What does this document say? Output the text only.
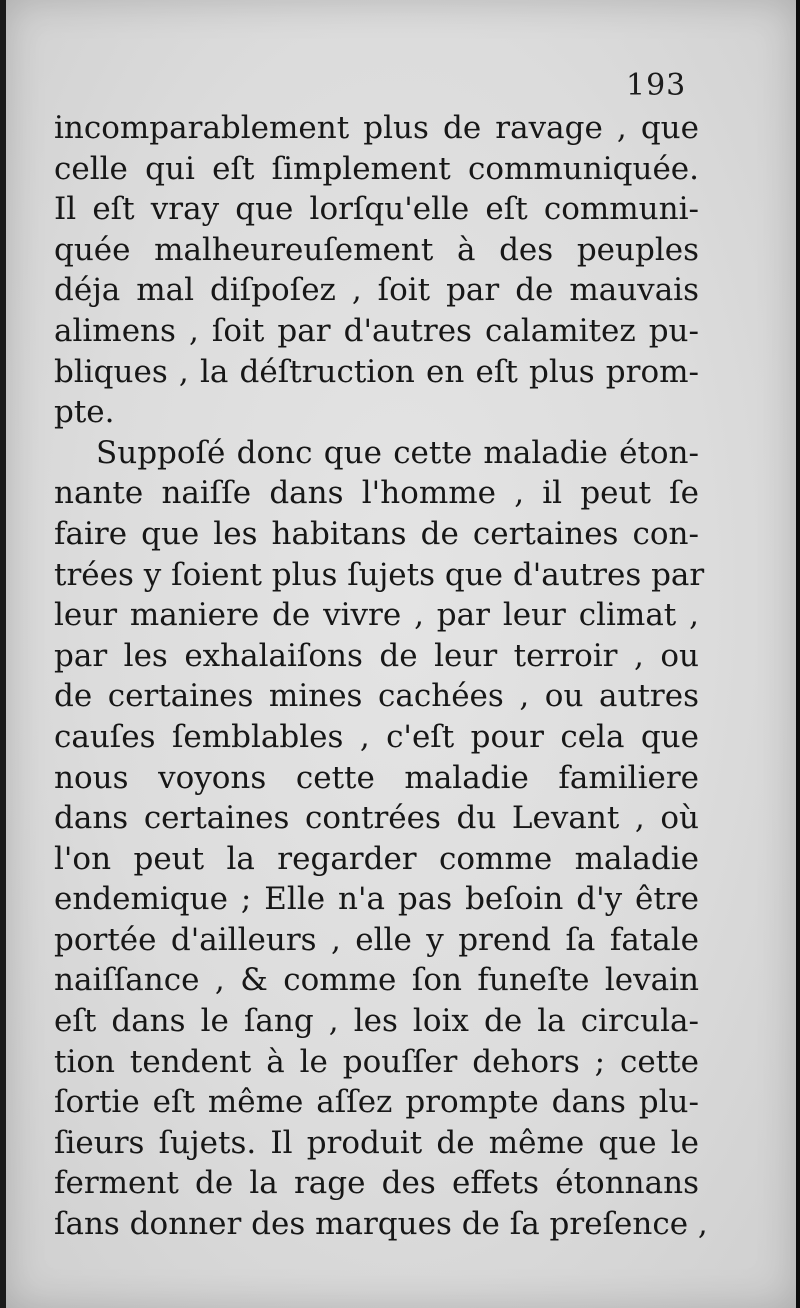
193
incomparablement plus de ravage , que
celle qui eſt ſimplement communiquée.
Il eſt vray que lorſqu'elle eſt communi-
quée malheureuſement à des peuples
déja mal diſpoſez , ſoit par de mauvais
alimens , ſoit par d'autres calamitez pu-
bliques , la déſtruction en eſt plus prom-
pte.
Suppoſé donc que cette maladie éton-
nante naiſſe dans l'homme , il peut ſe
faire que les habitans de certaines con-
trées y ſoient plus ſujets que d'autres par
leur maniere de vivre , par leur climat ,
par les exhalaiſons de leur terroir , ou
de certaines mines cachées , ou autres
cauſes ſemblables , c'eſt pour cela que
nous voyons cette maladie familiere
dans certaines contrées du Levant , où
l'on peut la regarder comme maladie
endemique ; Elle n'a pas beſoin d'y être
portée d'ailleurs , elle y prend ſa fatale
naiſſance , & comme ſon funeſte levain
eſt dans le ſang , les loix de la circula-
tion tendent à le pouſſer dehors ; cette
ſortie eſt même aſſez prompte dans plu-
ſieurs ſujets. Il produit de même que le
ferment de la rage des effets étonnans
ſans donner des marques de ſa preſence ,
